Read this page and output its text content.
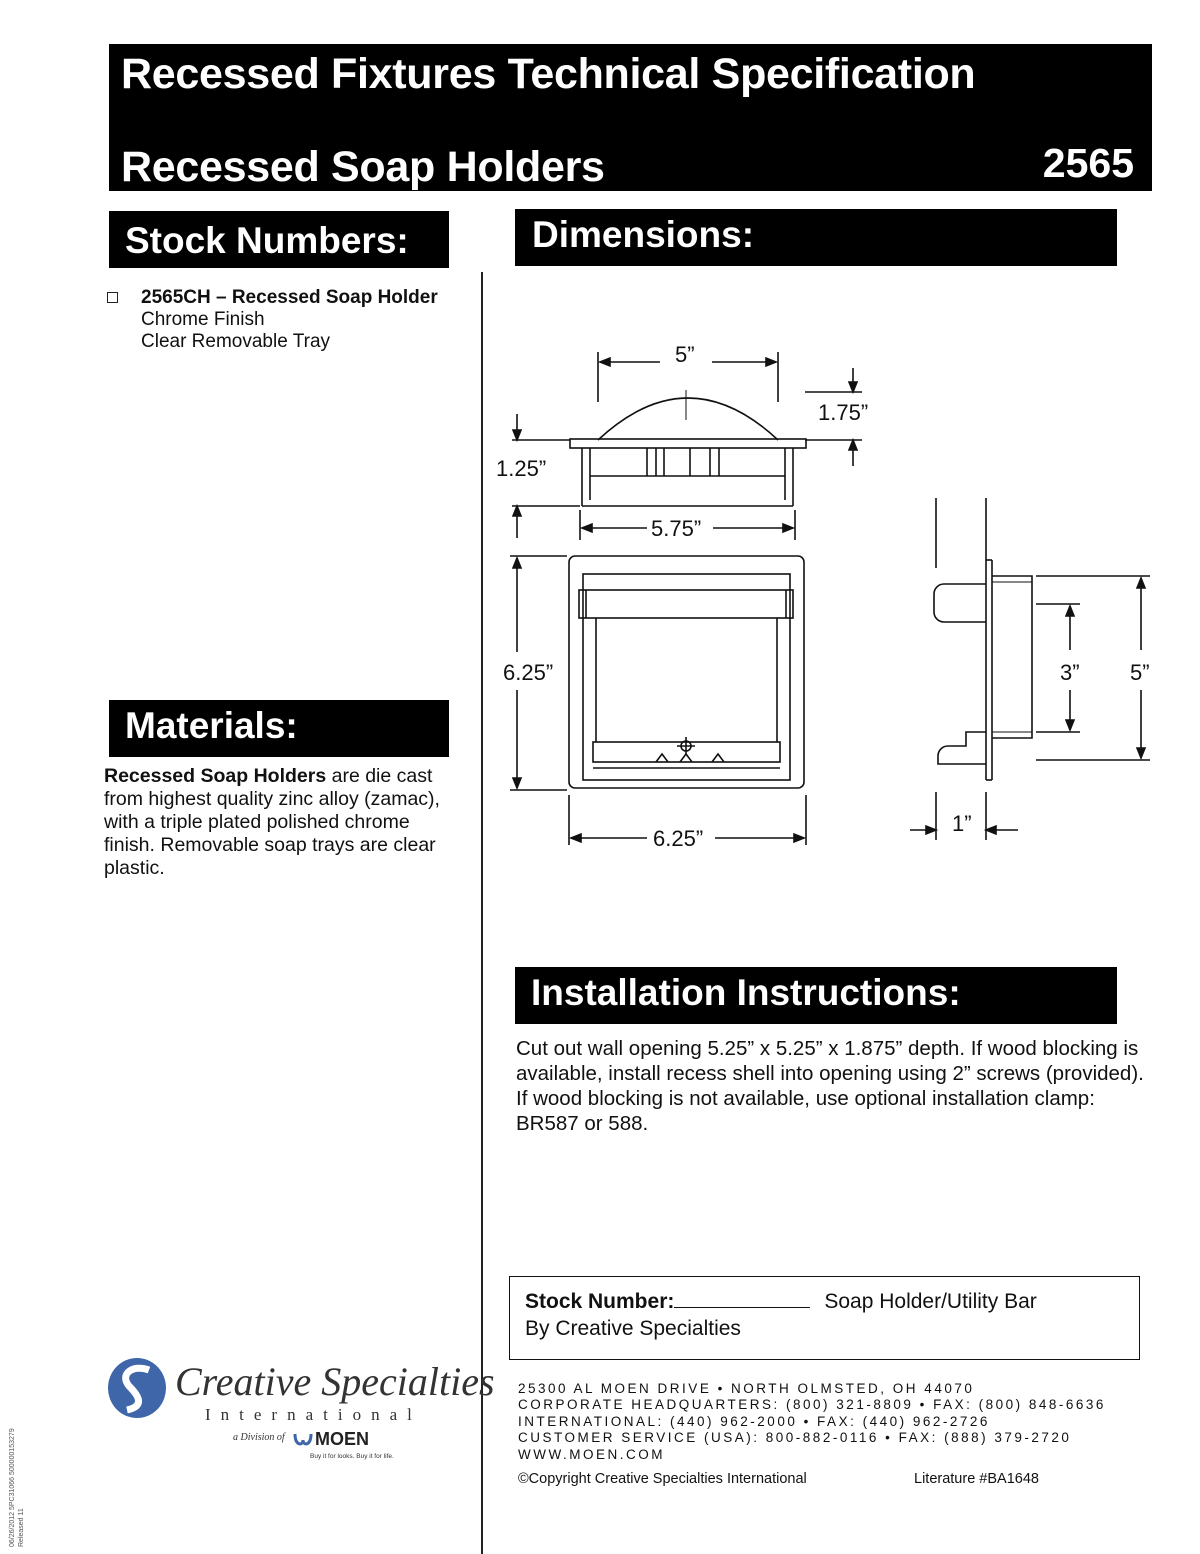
Recessed Fixtures Technical Specification
Recessed Soap Holders	2565
Stock Numbers:	Dimensions:
Materials:
Installation Instructions:
2565CH – Recessed Soap Holder
Chrome Finish
Clear Removable Tray
Recessed Soap Holders are die cast from highest quality zinc alloy (zamac), with a triple plated polished chrome finish. Removable soap trays are clear plastic.
Cut out wall opening 5.25” x 5.25” x 1.875” depth. If wood blocking is available, install recess shell into opening using 2” screws (provided). If wood blocking is not available, use optional installation clamp: BR587 or 588.
5”
1.75”
1.25”
5.75”
6.25”
6.25”
3” 5”
1”
Stock Number:	Soap Holder/Utility Bar
By Creative Specialties
Creative Specialties
International
a Division of MOEN
Buy it for looks. Buy it for life.
25300 AL MOEN DRIVE • NORTH OLMSTED, OH 44070
CORPORATE HEADQUARTERS: (800) 321-8809 • FAX: (800) 848-6636
INTERNATIONAL: (440) 962-2000 • FAX: (440) 962-2726
CUSTOMER SERVICE (USA): 800-882-0116 • FAX: (888) 379-2720
WWW.MOEN.COM
©Copyright Creative Specialties International	Literature #BA1648
06/26/2012 5PC31066 500000153279 Released 11
